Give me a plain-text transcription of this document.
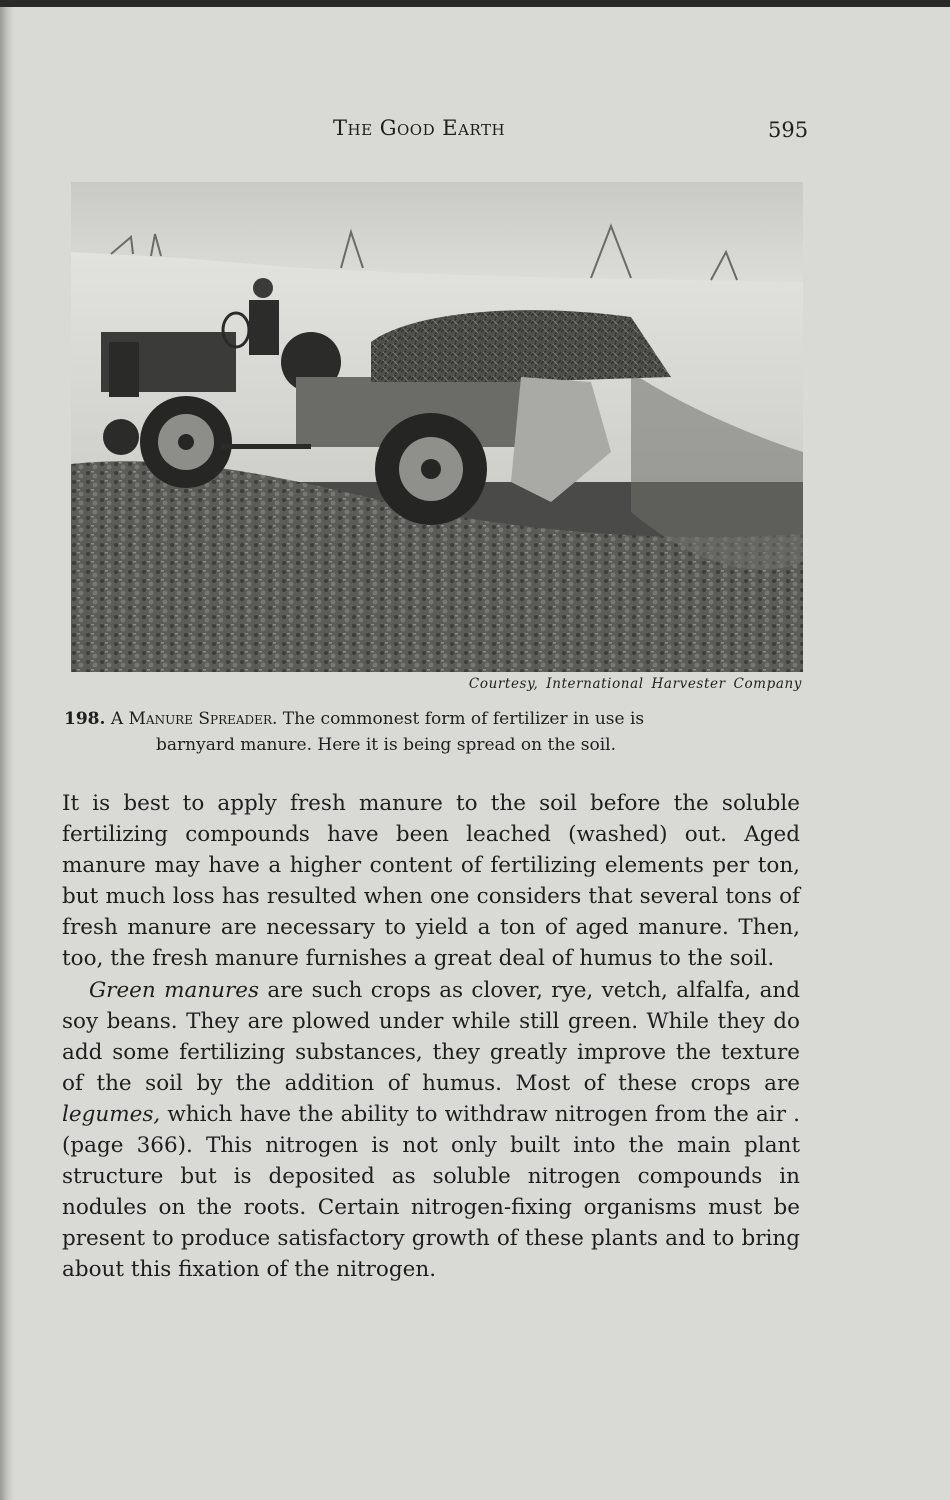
The Good Earth	595
Courtesy, International Harvester Company
198. A Manure Spreader. The commonest form of fertilizer in use is
barnyard manure. Here it is being spread on the soil.

It is best to apply fresh manure to the soil before the soluble fertilizing compounds have been leached (washed) out. Aged manure may have a higher content of fertilizing elements per ton, but much loss has resulted when one considers that several tons of fresh manure are necessary to yield a ton of aged manure. Then, too, the fresh manure furnishes a great deal of humus to the soil.

Green manures are such crops as clover, rye, vetch, alfalfa, and soy beans. They are plowed under while still green. While they do add some fertilizing substances, they greatly improve the texture of the soil by the addition of humus. Most of these crops are legumes, which have the ability to withdraw nitrogen from the air .(page 366). This nitrogen is not only built into the main plant structure but is deposited as soluble nitrogen compounds in nodules on the roots. Certain nitrogen-fixing organisms must be present to produce satisfactory growth of these plants and to bring about this fixation of the nitrogen.
